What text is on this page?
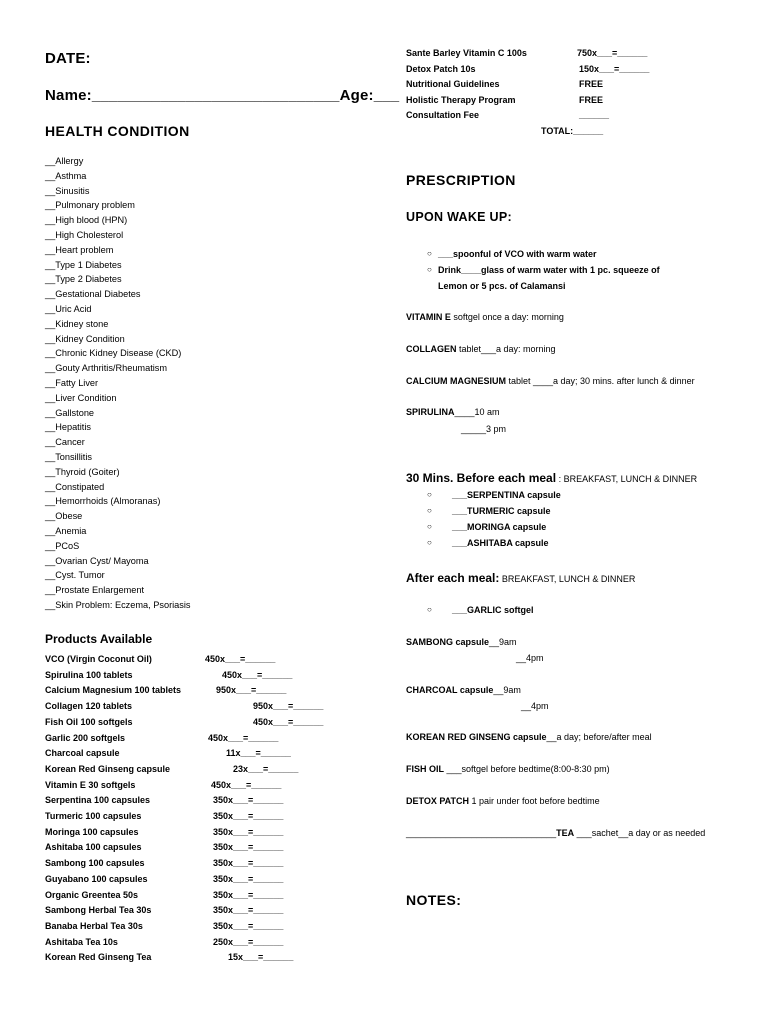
DATE:
Name:_____________________________Age:___
HEALTH CONDITION
__Allergy
__Asthma
__Sinusitis
__Pulmonary problem
__High blood (HPN)
__High Cholesterol
__Heart problem
__Type 1 Diabetes
__Type 2 Diabetes
__Gestational Diabetes
__Uric Acid
__Kidney stone
__Kidney Condition
__Chronic Kidney Disease (CKD)
__Gouty Arthritis/Rheumatism
__Fatty Liver
__Liver Condition
__Gallstone
__Hepatitis
__Cancer
__Tonsillitis
__Thyroid (Goiter)
__Constipated
__Hemorrhoids (Almoranas)
__Obese
__Anemia
__PCoS
__Ovarian Cyst/ Mayoma
__Cyst. Tumor
__Prostate Enlargement
__Skin Problem: Eczema, Psoriasis
Products Available
VCO (Virgin Coconut Oil)	450x___=______
Spirulina 100 tablets	450x___=______
Calcium Magnesium 100 tablets	950x___=______
Collagen 120 tablets	950x___=______
Fish Oil 100 softgels	450x___=______
Garlic 200 softgels	450x___=______
Charcoal capsule	11x___=______
Korean Red Ginseng capsule	23x___=______
Vitamin E 30 softgels	450x___=______
Serpentina 100 capsules	350x___=______
Turmeric 100 capsules	350x___=______
Moringa 100 capsules	350x___=______
Ashitaba 100 capsules	350x___=______
Sambong 100 capsules	350x___=______
Guyabano 100 capsules	350x___=______
Organic Greentea 50s	350x___=______
Sambong Herbal Tea 30s	350x___=______
Banaba Herbal Tea 30s	350x___=______
Ashitaba Tea 10s	250x___=______
Korean Red Ginseng Tea	15x___=______
Sante Barley Vitamin C 100s	750x___=______
Detox Patch 10s	150x___=______
Nutritional Guidelines	FREE
Holistic Therapy Program	FREE
Consultation Fee	______
TOTAL:______
PRESCRIPTION
UPON WAKE UP:
○ ___spoonful of VCO with warm water
○ Drink____glass of warm water with 1 pc. squeeze of
Lemon or 5 pcs. of Calamansi
VITAMIN E softgel once a day: morning
COLLAGEN tablet___a day: morning
CALCIUM MAGNESIUM tablet ____a day; 30 mins. after lunch & dinner
SPIRULINA____10 am
_____3 pm
30 Mins. Before each meal : BREAKFAST, LUNCH & DINNER
○ ___SERPENTINA capsule
○ ___TURMERIC capsule
○ ___MORINGA capsule
○ ___ASHITABA capsule
After each meal: BREAKFAST, LUNCH & DINNER
○ ___GARLIC softgel
SAMBONG capsule__9am
__4pm
CHARCOAL capsule__9am
__4pm
KOREAN RED GINSENG capsule__a day; before/after meal
FISH OIL ___softgel before bedtime(8:00-8:30 pm)
DETOX PATCH 1 pair under foot before bedtime
______________________________TEA ___sachet__a day or as needed
NOTES:
